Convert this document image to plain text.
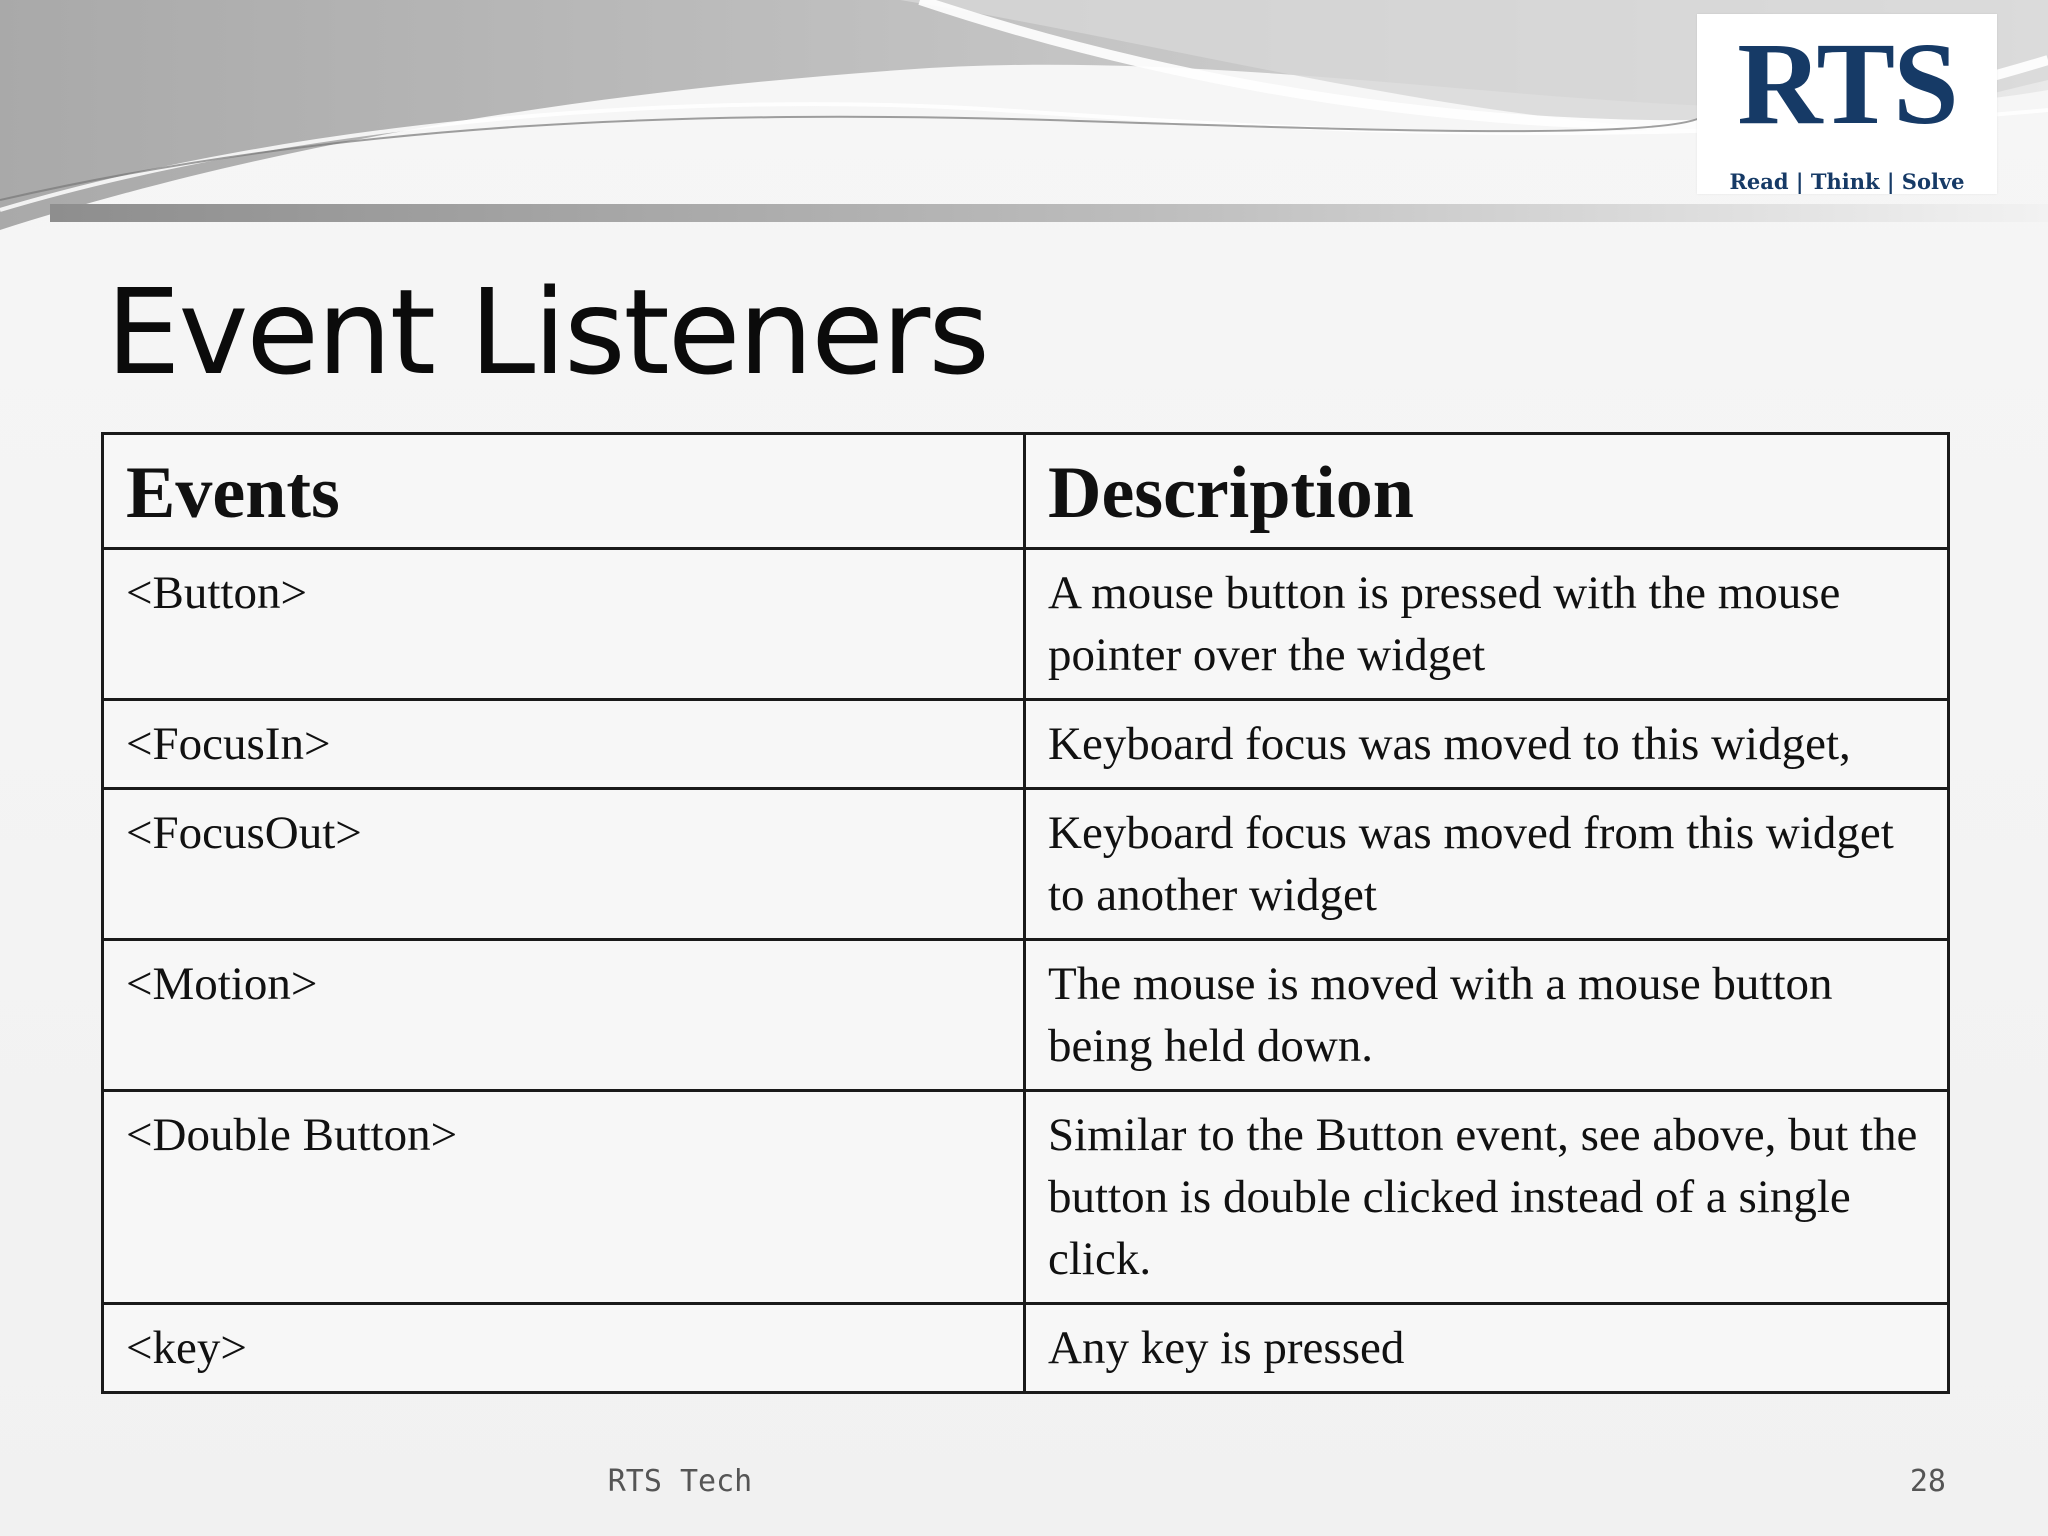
RTS
Read | Think | Solve
Event Listeners
Events	Description
<Button>	A mouse button is pressed with the mouse pointer over the widget
<FocusIn>	Keyboard focus was moved to this widget,
<FocusOut>	Keyboard focus was moved from this widget to another widget
<Motion>	The mouse is moved with a mouse button being held down.
<Double Button>	Similar to the Button event, see above, but the button is double clicked instead of a single click.
<key>	Any key is pressed
RTS Tech	28
